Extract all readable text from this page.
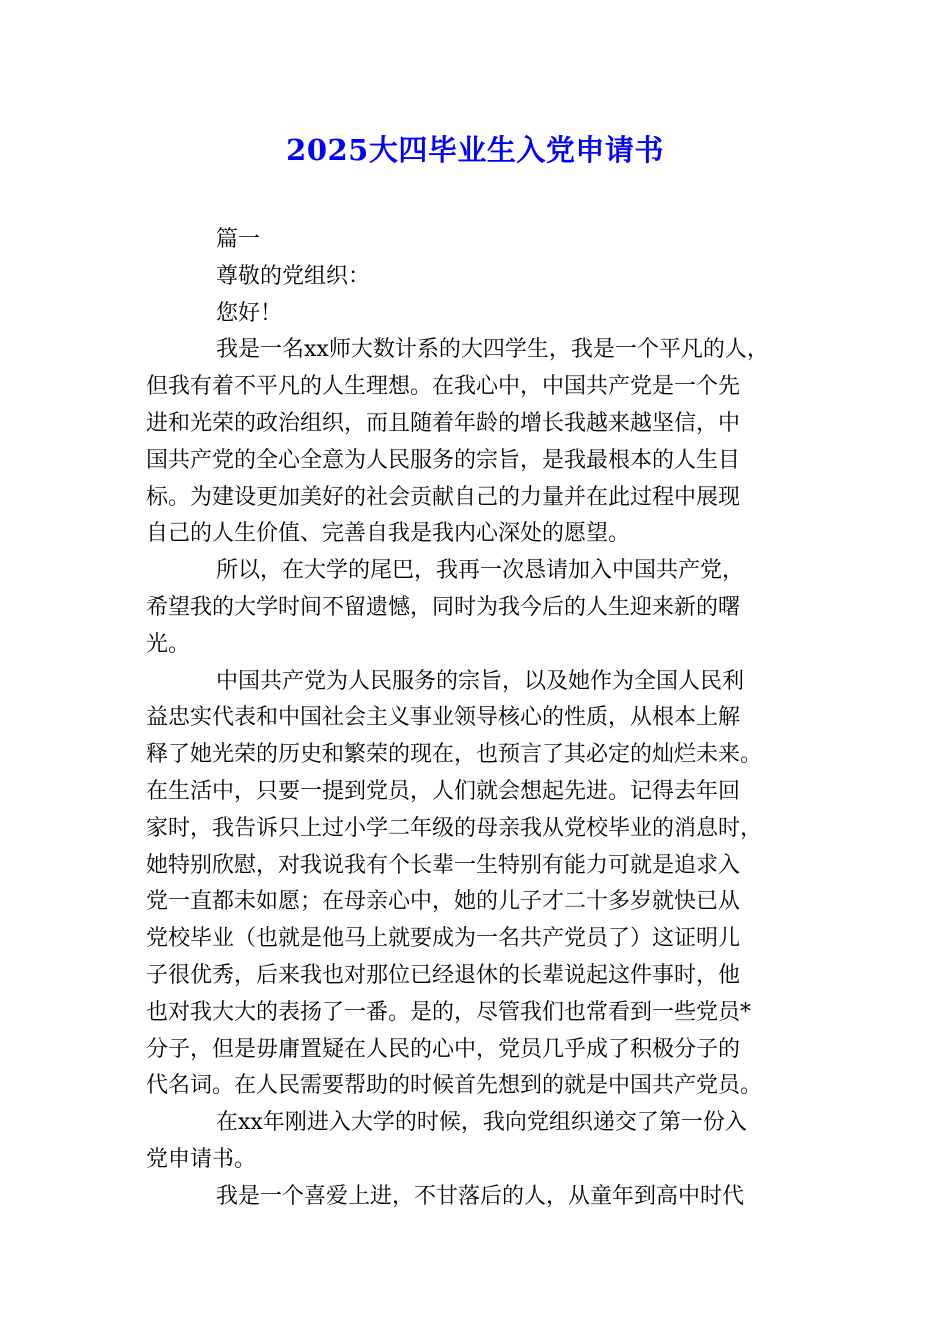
2025大四毕业生入党申请书
篇一
尊敬的党组织：
您好！
我是一名xx师大数计系的大四学生，我是一个平凡的人，
但我有着不平凡的人生理想。在我心中，中国共产党是一个先
进和光荣的政治组织，而且随着年龄的增长我越来越坚信，中
国共产党的全心全意为人民服务的宗旨，是我最根本的人生目
标。为建设更加美好的社会贡献自己的力量并在此过程中展现
自己的人生价值、完善自我是我内心深处的愿望。
所以，在大学的尾巴，我再一次恳请加入中国共产党，
希望我的大学时间不留遗憾，同时为我今后的人生迎来新的曙
光。
中国共产党为人民服务的宗旨，以及她作为全国人民利
益忠实代表和中国社会主义事业领导核心的性质，从根本上解
释了她光荣的历史和繁荣的现在，也预言了其必定的灿烂未来。
在生活中，只要一提到党员，人们就会想起先进。记得去年回
家时，我告诉只上过小学二年级的母亲我从党校毕业的消息时，
她特别欣慰，对我说我有个长辈一生特别有能力可就是追求入
党一直都未如愿；在母亲心中，她的儿子才二十多岁就快已从
党校毕业（也就是他马上就要成为一名共产党员了）这证明儿
子很优秀，后来我也对那位已经退休的长辈说起这件事时，他
也对我大大的表扬了一番。是的，尽管我们也常看到一些党员*
分子，但是毋庸置疑在人民的心中，党员几乎成了积极分子的
代名词。在人民需要帮助的时候首先想到的就是中国共产党员。
在xx年刚进入大学的时候，我向党组织递交了第一份入
党申请书。
我是一个喜爱上进，不甘落后的人，从童年到高中时代
